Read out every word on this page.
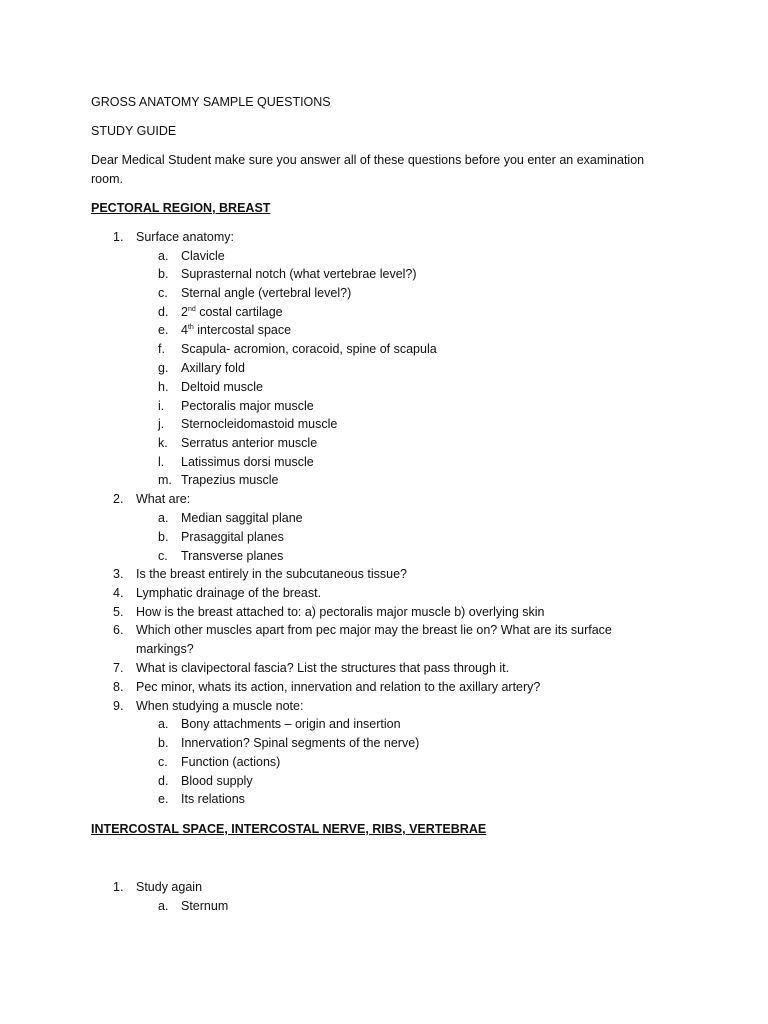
GROSS ANATOMY SAMPLE QUESTIONS
STUDY GUIDE
Dear Medical Student make sure you answer all of these questions before you enter an examination
room.
PECTORAL REGION, BREAST
1.	Surface anatomy:
a.	Clavicle
b.	Suprasternal notch (what vertebrae level?)
c.	Sternal angle (vertebral level?)
d.	2nd costal cartilage
e.	4th intercostal space
f.	Scapula- acromion, coracoid, spine of scapula
g.	Axillary fold
h.	Deltoid muscle
i.	Pectoralis major muscle
j.	Sternocleidomastoid muscle
k.	Serratus anterior muscle
l.	Latissimus dorsi muscle
m. Trapezius muscle
2.	What are:
a.	Median saggital plane
b.	Prasaggital planes
c.	Transverse planes
3.	Is the breast entirely in the subcutaneous tissue?
4.	Lymphatic drainage of the breast.
5.	How is the breast attached to: a) pectoralis major muscle b) overlying skin
6.	Which other muscles apart from pec major may the breast lie on? What are its surface
markings?
7.	What is clavipectoral fascia? List the structures that pass through it.
8.	Pec minor, whats its action, innervation and relation to the axillary artery?
9.	When studying a muscle note:
a.	Bony attachments – origin and insertion
b.	Innervation? Spinal segments of the nerve)
c.	Function (actions)
d.	Blood supply
e.	Its relations
INTERCOSTAL SPACE, INTERCOSTAL NERVE, RIBS, VERTEBRAE
1.	Study again
a.	Sternum
